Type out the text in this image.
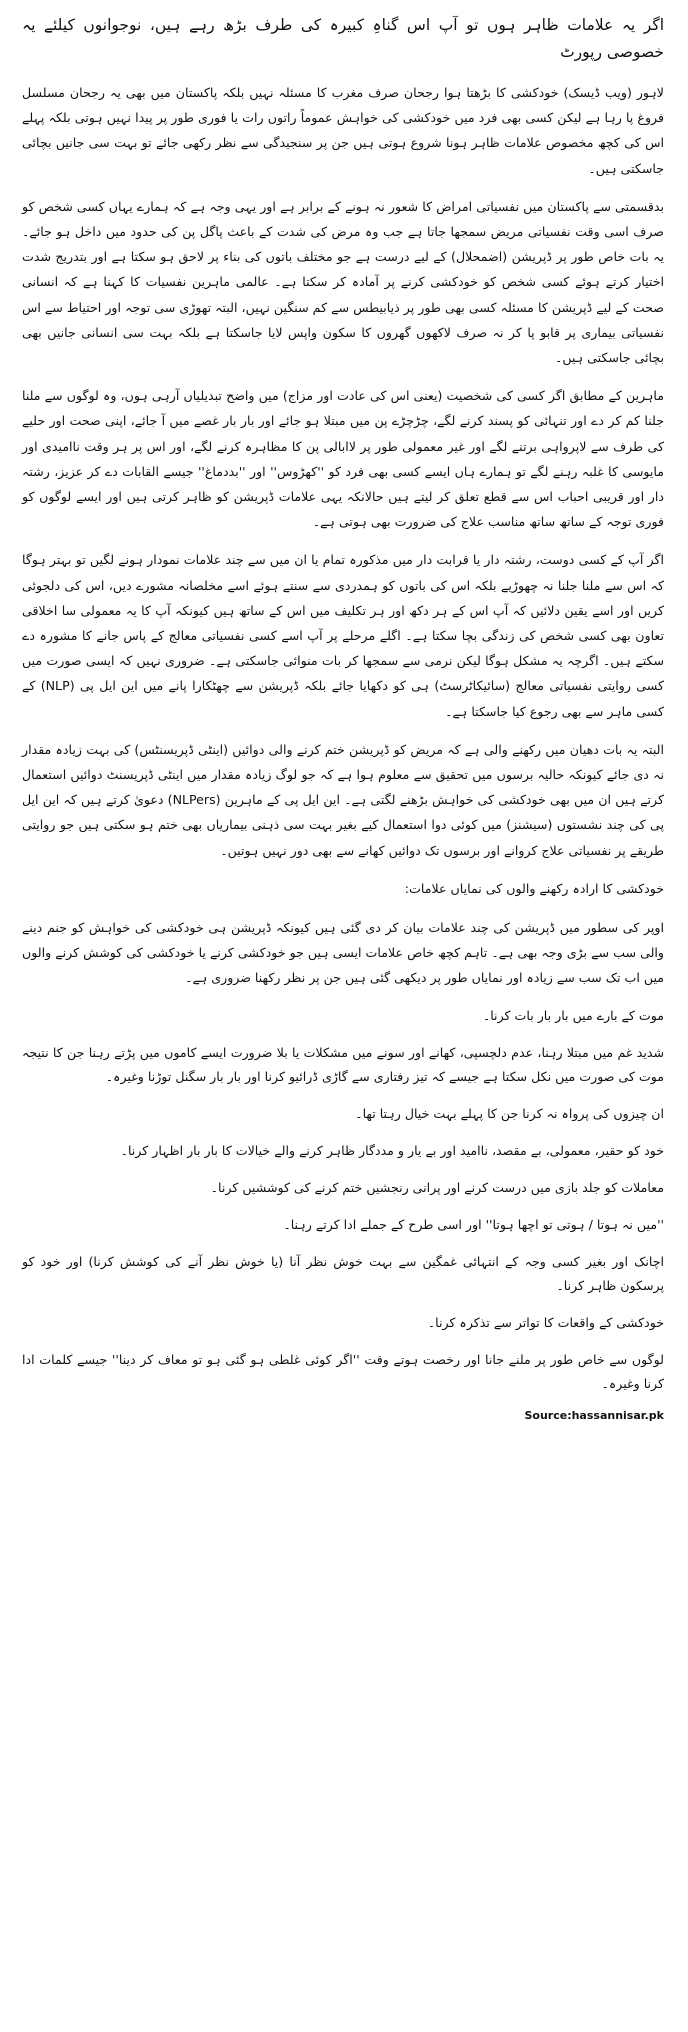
اگر یہ علامات ظاہر ہوں تو آپ اس گناہِ کبیرہ کی طرف بڑھ رہے ہیں، نوجوانوں کیلئے یہ خصوصی رپورٹ
لاہور (ویب ڈیسک) خودکشی کا بڑھتا ہوا رجحان صرف مغرب کا مسئلہ نہیں بلکہ پاکستان میں بھی یہ رجحان مسلسل فروغ پا رہا ہے لیکن کسی بھی فرد میں خودکشی کی خواہش عموماً راتوں رات یا فوری طور پر پیدا نہیں ہوتی بلکہ پہلے اس کی کچھ مخصوص علامات ظاہر ہونا شروع ہوتی ہیں جن پر سنجیدگی سے نظر رکھی جائے تو بہت سی جانیں بچائی جاسکتی ہیں۔
بدقسمتی سے پاکستان میں نفسیاتی امراض کا شعور نہ ہونے کے برابر ہے اور یہی وجہ ہے کہ ہمارے یہاں کسی شخص کو صرف اسی وقت نفسیاتی مریض سمجھا جاتا ہے جب وہ مرض کی شدت کے باعث پاگل پن کی حدود میں داخل ہو جائے۔ یہ بات خاص طور پر ڈپریشن (اضمحلال) کے لیے درست ہے جو مختلف باتوں کی بناء پر لاحق ہو سکتا ہے اور بتدریج شدت اختیار کرتے ہوئے کسی شخص کو خودکشی کرنے پر آمادہ کر سکتا ہے۔ عالمی ماہرین نفسیات کا کہنا ہے کہ انسانی صحت کے لیے ڈپریشن کا مسئلہ کسی بھی طور پر ذیابیطس سے کم سنگین نہیں، البتہ تھوڑی سی توجہ اور احتیاط سے اس نفسیاتی بیماری پر قابو پا کر نہ صرف لاکھوں گھروں کا سکون واپس لایا جاسکتا ہے بلکہ بہت سی انسانی جانیں بھی بچائی جاسکتی ہیں۔
ماہرین کے مطابق اگر کسی کی شخصیت (یعنی اس کی عادت اور مزاج) میں واضح تبدیلیاں آرہی ہوں، وہ لوگوں سے ملنا جلنا کم کر دے اور تنہائی کو پسند کرنے لگے، چڑچڑے پن میں مبتلا ہو جائے اور بار بار غصے میں آ جائے، اپنی صحت اور حلیے کی طرف سے لاپرواہی برتنے لگے اور غیر معمولی طور پر لاابالی پن کا مظاہرہ کرنے لگے، اور اس پر ہر وقت ناامیدی اور مایوسی کا غلبہ رہنے لگے تو ہمارے ہاں ایسے کسی بھی فرد کو ''کھڑوس'' اور ''بددماغ'' جیسے القابات دے کر عزیز، رشتہ دار اور قریبی احباب اس سے قطع تعلق کر لیتے ہیں حالانکہ یہی علامات ڈپریشن کو ظاہر کرتی ہیں اور ایسے لوگوں کو فوری توجہ کے ساتھ ساتھ مناسب علاج کی ضرورت بھی ہوتی ہے۔
اگر آپ کے کسی دوست، رشتہ دار یا قرابت دار میں مذکورہ تمام یا ان میں سے چند علامات نمودار ہونے لگیں تو بہتر ہوگا کہ اس سے ملنا جلنا نہ چھوڑیے بلکہ اس کی باتوں کو ہمدردی سے سنتے ہوئے اسے مخلصانہ مشورے دیں، اس کی دلجوئی کریں اور اسے یقین دلائیں کہ آپ اس کے ہر دکھ اور ہر تکلیف میں اس کے ساتھ ہیں کیونکہ آپ کا یہ معمولی سا اخلاقی تعاون بھی کسی شخص کی زندگی بچا سکتا ہے۔ اگلے مرحلے پر آپ اسے کسی نفسیاتی معالج کے پاس جانے کا مشورہ دے سکتے ہیں۔ اگرچہ یہ مشکل ہوگا لیکن نرمی سے سمجھا کر بات منوائی جاسکتی ہے۔ ضروری نہیں کہ ایسی صورت میں کسی روایتی نفسیاتی معالج (سائیکاٹرسٹ) ہی کو دکھایا جائے بلکہ ڈپریشن سے چھٹکارا پانے میں این ایل پی (NLP) کے کسی ماہر سے بھی رجوع کیا جاسکتا ہے۔
البتہ یہ بات دھیان میں رکھنے والی ہے کہ مریض کو ڈپریشن ختم کرنے والی دوائیں (اینٹی ڈپریسنٹس) کی بہت زیادہ مقدار نہ دی جائے کیونکہ حالیہ برسوں میں تحقیق سے معلوم ہوا ہے کہ جو لوگ زیادہ مقدار میں اینٹی ڈپریسنٹ دوائیں استعمال کرتے ہیں ان میں بھی خودکشی کی خواہش بڑھنے لگتی ہے۔ این ایل پی کے ماہرین (NLPers) دعویٰ کرتے ہیں کہ این ایل پی کی چند نشستوں (سیشنز) میں کوئی دوا استعمال کیے بغیر بہت سی ذہنی بیماریاں بھی ختم ہو سکتی ہیں جو روایتی طریقے پر نفسیاتی علاج کروانے اور برسوں تک دوائیں کھانے سے بھی دور نہیں ہوتیں۔
خودکشی کا ارادہ رکھنے والوں کی نمایاں علامات:
اوپر کی سطور میں ڈپریشن کی چند علامات بیان کر دی گئی ہیں کیونکہ ڈپریشن ہی خودکشی کی خواہش کو جنم دینے والی سب سے بڑی وجہ بھی ہے۔ تاہم کچھ خاص علامات ایسی ہیں جو خودکشی کرنے یا خودکشی کی کوشش کرنے والوں میں اب تک سب سے زیادہ اور نمایاں طور پر دیکھی گئی ہیں جن پر نظر رکھنا ضروری ہے۔
موت کے بارے میں بار بار بات کرنا۔
شدید غم میں مبتلا رہنا، عدم دلچسپی، کھانے اور سونے میں مشکلات یا بلا ضرورت ایسے کاموں میں پڑتے رہنا جن کا نتیجہ موت کی صورت میں نکل سکتا ہے جیسے کہ تیز رفتاری سے گاڑی ڈرائیو کرنا اور بار بار سگنل توڑنا وغیرہ۔
ان چیزوں کی پرواہ نہ کرنا جن کا پہلے بہت خیال رہتا تھا۔
خود کو حقیر، معمولی، بے مقصد، ناامید اور بے یار و مددگار ظاہر کرنے والے خیالات کا بار بار اظہار کرنا۔
معاملات کو جلد بازی میں درست کرنے اور پرانی رنجشیں ختم کرنے کی کوششیں کرنا۔
''میں نہ ہوتا / ہوتی تو اچھا ہوتا'' اور اسی طرح کے جملے ادا کرتے رہنا۔
اچانک اور بغیر کسی وجہ کے انتہائی غمگین سے بہت خوش نظر آنا (یا خوش نظر آنے کی کوشش کرنا) اور خود کو پرسکون ظاہر کرنا۔
خودکشی کے واقعات کا تواتر سے تذکرہ کرنا۔
لوگوں سے خاص طور پر ملنے جانا اور رخصت ہوتے وقت ''اگر کوئی غلطی ہو گئی ہو تو معاف کر دینا'' جیسے کلمات ادا کرنا وغیرہ۔
Source:hassannisar.pk
